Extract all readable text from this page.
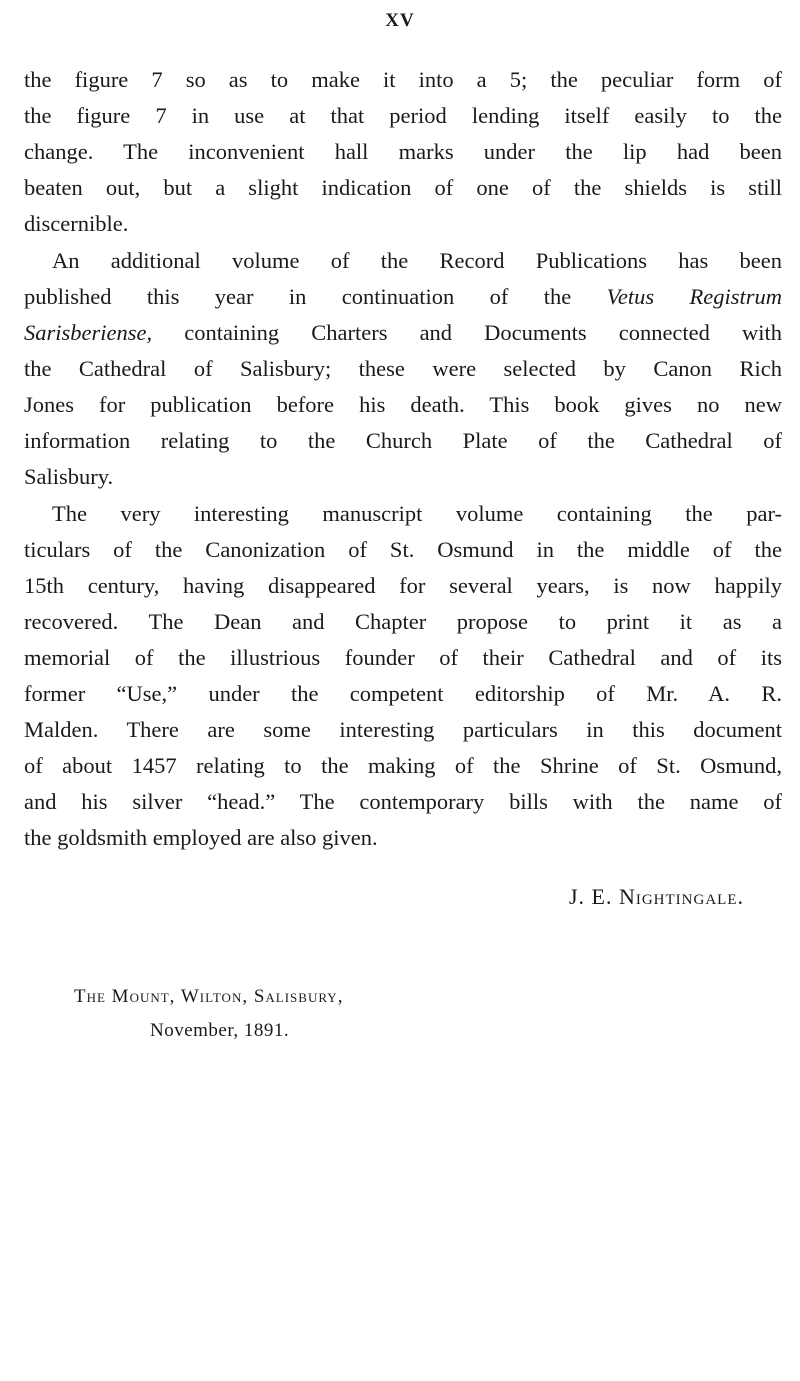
XV
the figure 7 so as to make it into a 5; the peculiar form of
the figure 7 in use at that period lending itself easily to the
change. The inconvenient hall marks under the lip had been
beaten out, but a slight indication of one of the shields is still
discernible.
An additional volume of the Record Publications has been
published this year in continuation of the Vetus Registrum
Sarisberiense, containing Charters and Documents connected with
the Cathedral of Salisbury; these were selected by Canon Rich
Jones for publication before his death. This book gives no new
information relating to the Church Plate of the Cathedral of
Salisbury.
The very interesting manuscript volume containing the par-
ticulars of the Canonization of St. Osmund in the middle of the
15th century, having disappeared for several years, is now happily
recovered. The Dean and Chapter propose to print it as a
memorial of the illustrious founder of their Cathedral and of its
former “Use,” under the competent editorship of Mr. A. R.
Malden. There are some interesting particulars in this document
of about 1457 relating to the making of the Shrine of St. Osmund,
and his silver “head.” The contemporary bills with the name of
the goldsmith employed are also given.
J. E. Nightingale.
The Mount, Wilton, Salisbury,
November, 1891.
